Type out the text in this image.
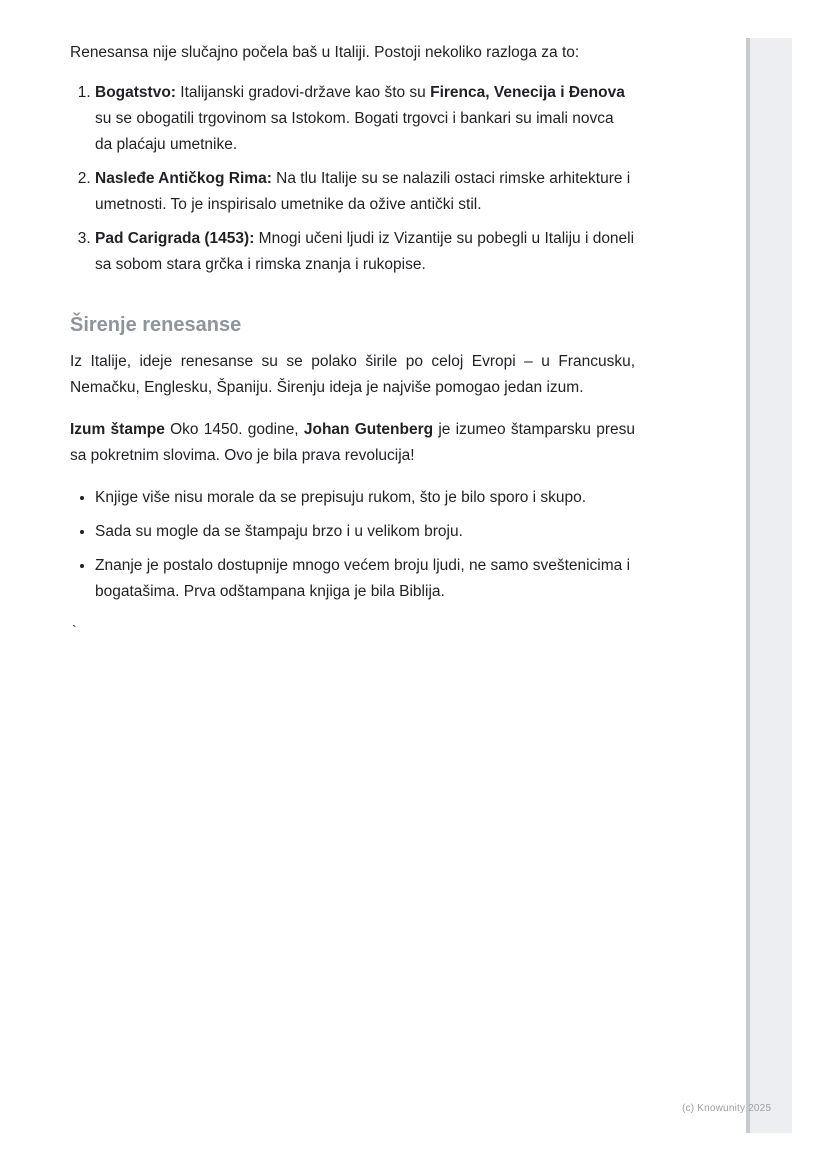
Renesansa nije slučajno počela baš u Italiji. Postoji nekoliko razloga za to:

1. Bogatstvo: Italijanski gradovi-države kao što su Firenca, Venecija i Đenova su se obogatili trgovinom sa Istokom. Bogati trgovci i bankari su imali novca da plaćaju umetnike.
2. Nasleđe Antičkog Rima: Na tlu Italije su se nalazili ostaci rimske arhitekture i umetnosti. To je inspirisalo umetnike da ožive antički stil.
3. Pad Carigrada (1453): Mnogi učeni ljudi iz Vizantije su pobegli u Italiju i doneli sa sobom stara grčka i rimska znanja i rukopise.
Širenje renesanse

Iz Italije, ideje renesanse su se polako širile po celoj Evropi – u Francusku, Nemačku, Englesku, Španiju. Širenju ideja je najviše pomogao jedan izum.

Izum štampe Oko 1450. godine, Johan Gutenberg je izumeo štamparsku presu sa pokretnim slovima. Ovo je bila prava revolucija!

• Knjige više nisu morale da se prepisuju rukom, što je bilo sporo i skupo.
• Sada su mogle da se štampaju brzo i u velikom broju.
• Znanje je postalo dostupnije mnogo većem broju ljudi, ne samo sveštenicima i bogatašima. Prva odštampana knjiga je bila Biblija.
`
(c) Knowunity 2025
